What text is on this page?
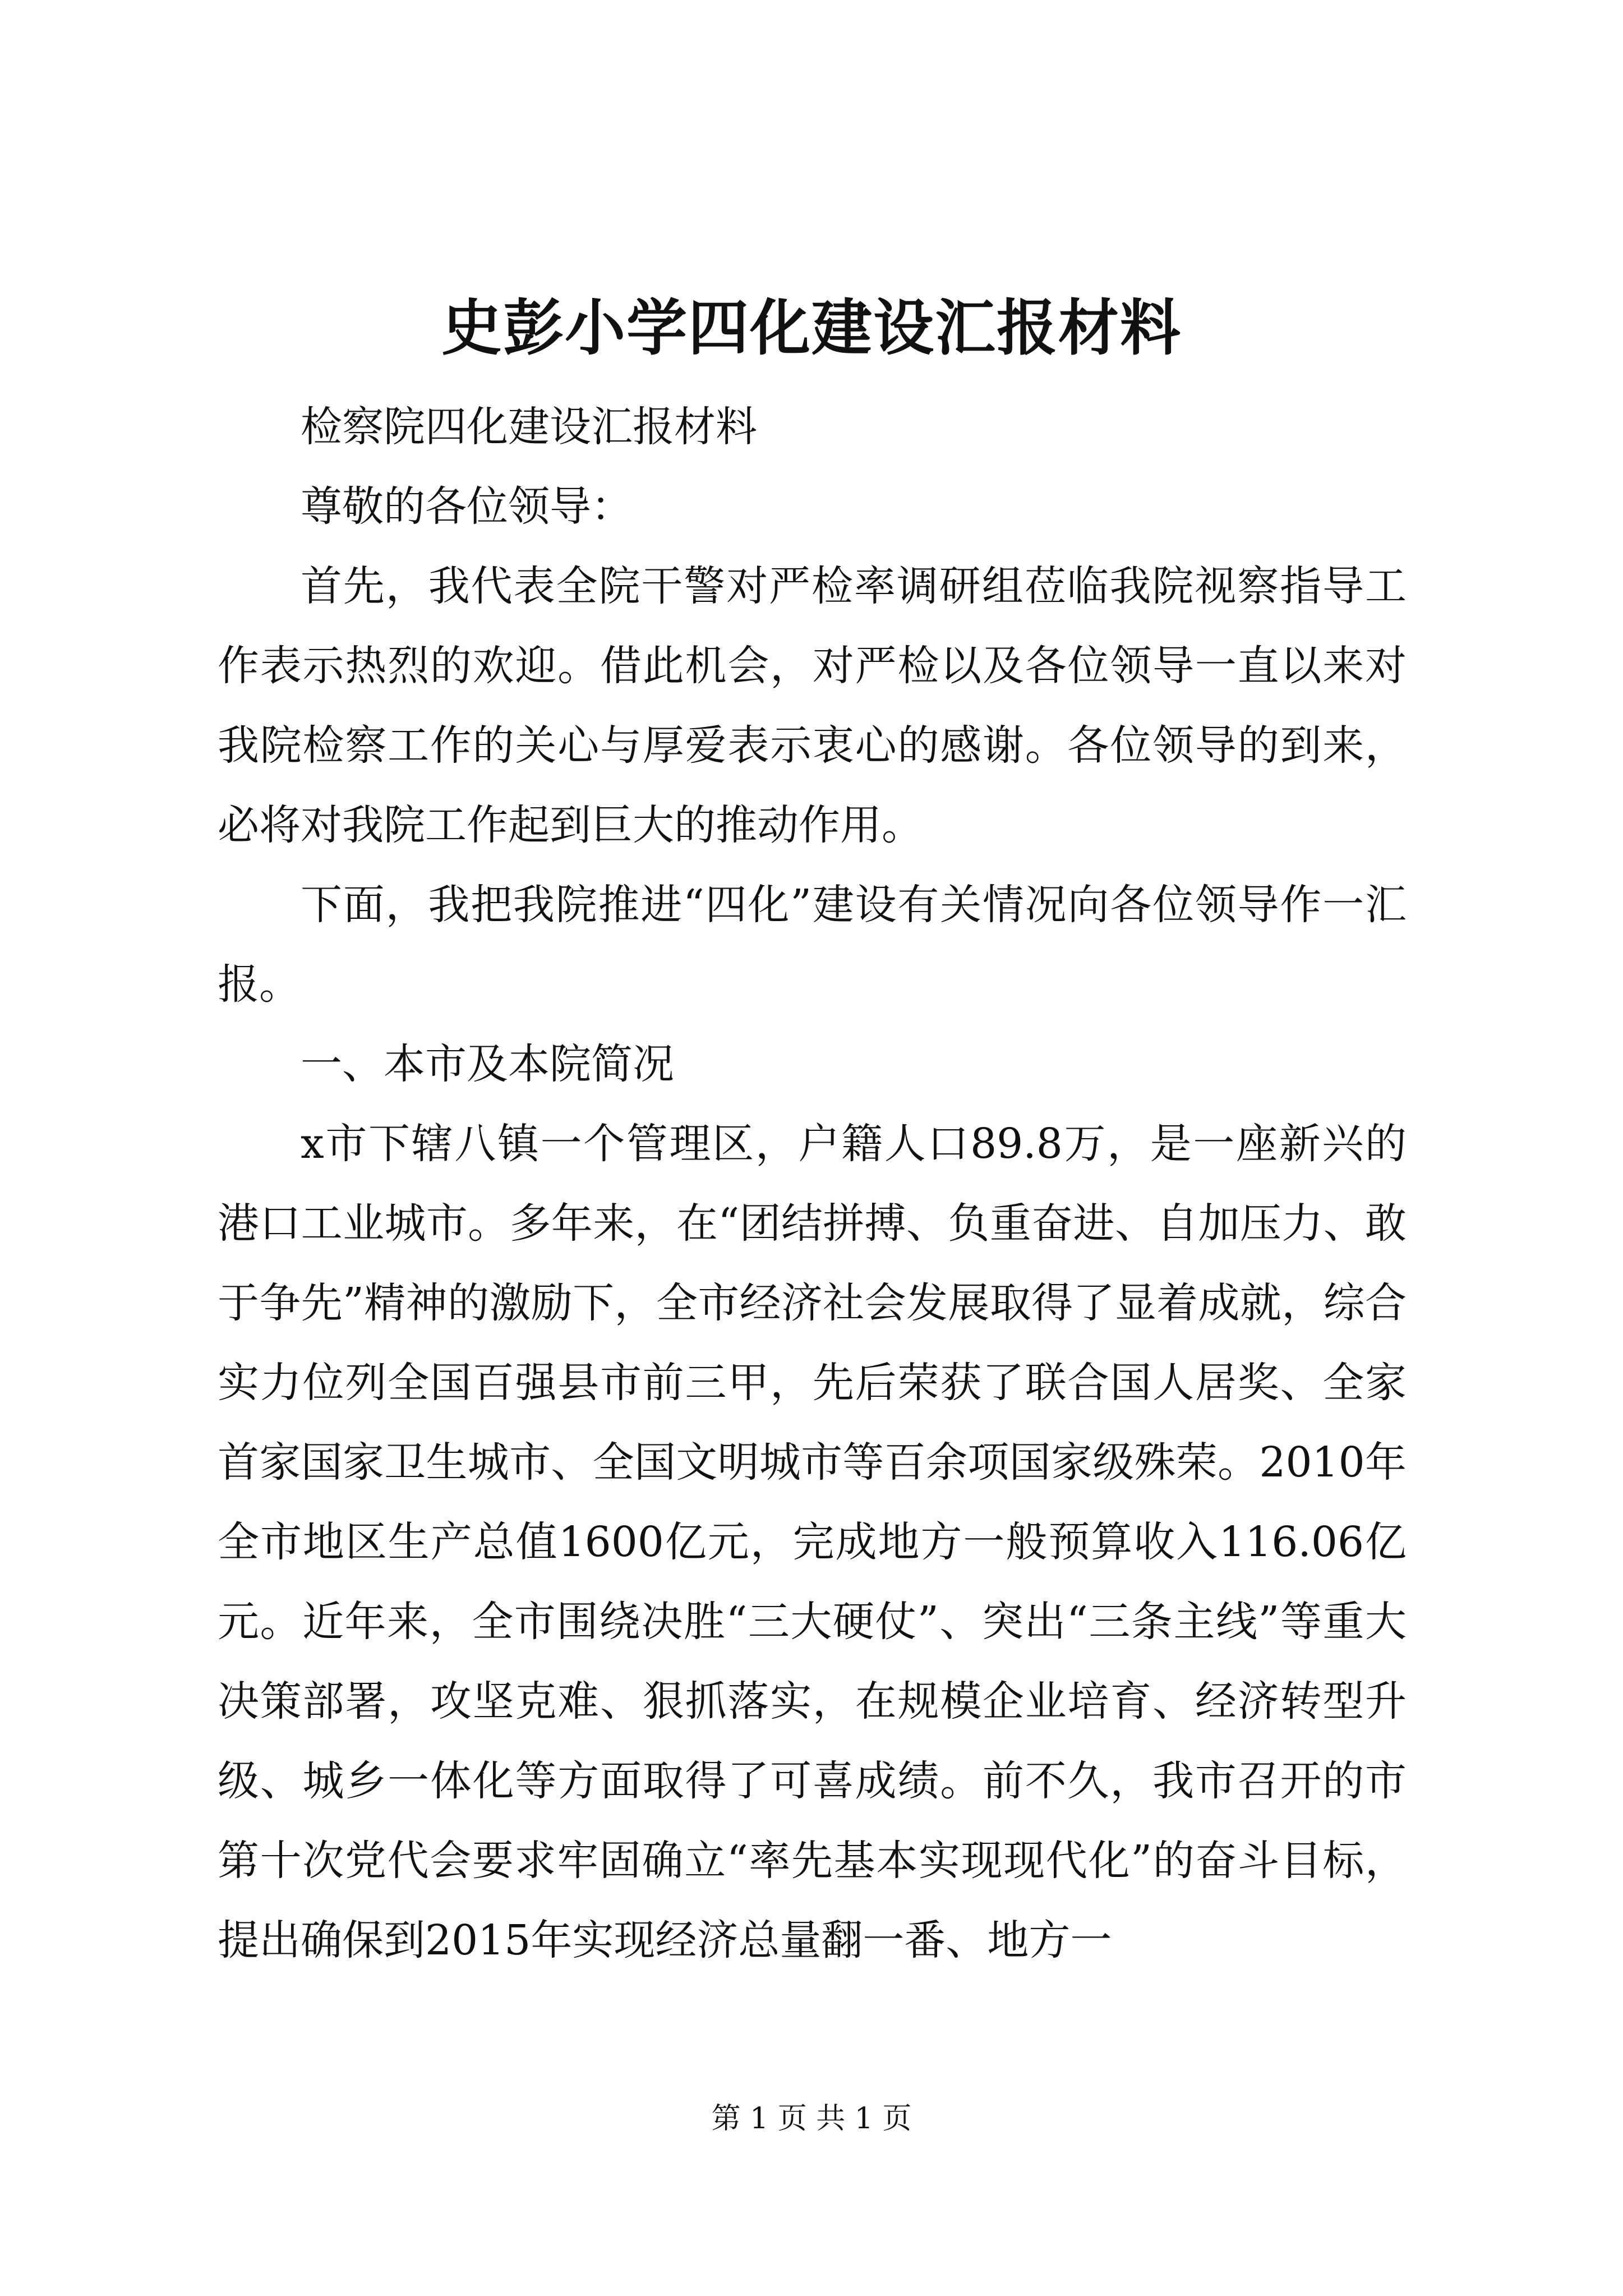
史彭小学四化建设汇报材料

检察院四化建设汇报材料

尊敬的各位领导：

首先，我代表全院干警对严检率调研组莅临我院视察指导工作表示热烈的欢迎。借此机会，对严检以及各位领导一直以来对我院检察工作的关心与厚爱表示衷心的感谢。各位领导的到来，必将对我院工作起到巨大的推动作用。

下面，我把我院推进“四化”建设有关情况向各位领导作一汇报。

一、本市及本院简况

x市下辖八镇一个管理区，户籍人口89.8万，是一座新兴的港口工业城市。多年来，在“团结拼搏、负重奋进、自加压力、敢于争先”精神的激励下，全市经济社会发展取得了显着成就，综合实力位列全国百强县市前三甲，先后荣获了联合国人居奖、全家首家国家卫生城市、全国文明城市等百余项国家级殊荣。2010年全市地区生产总值1600亿元，完成地方一般预算收入116.06亿元。近年来，全市围绕决胜“三大硬仗”、突出“三条主线”等重大决策部署，攻坚克难、狠抓落实，在规模企业培育、经济转型升级、城乡一体化等方面取得了可喜成绩。前不久，我市召开的市第十次党代会要求牢固确立“率先基本实现现代化”的奋斗目标，提出确保到2015年实现经济总量翻一番、地方一

第 1 页 共 1 页
